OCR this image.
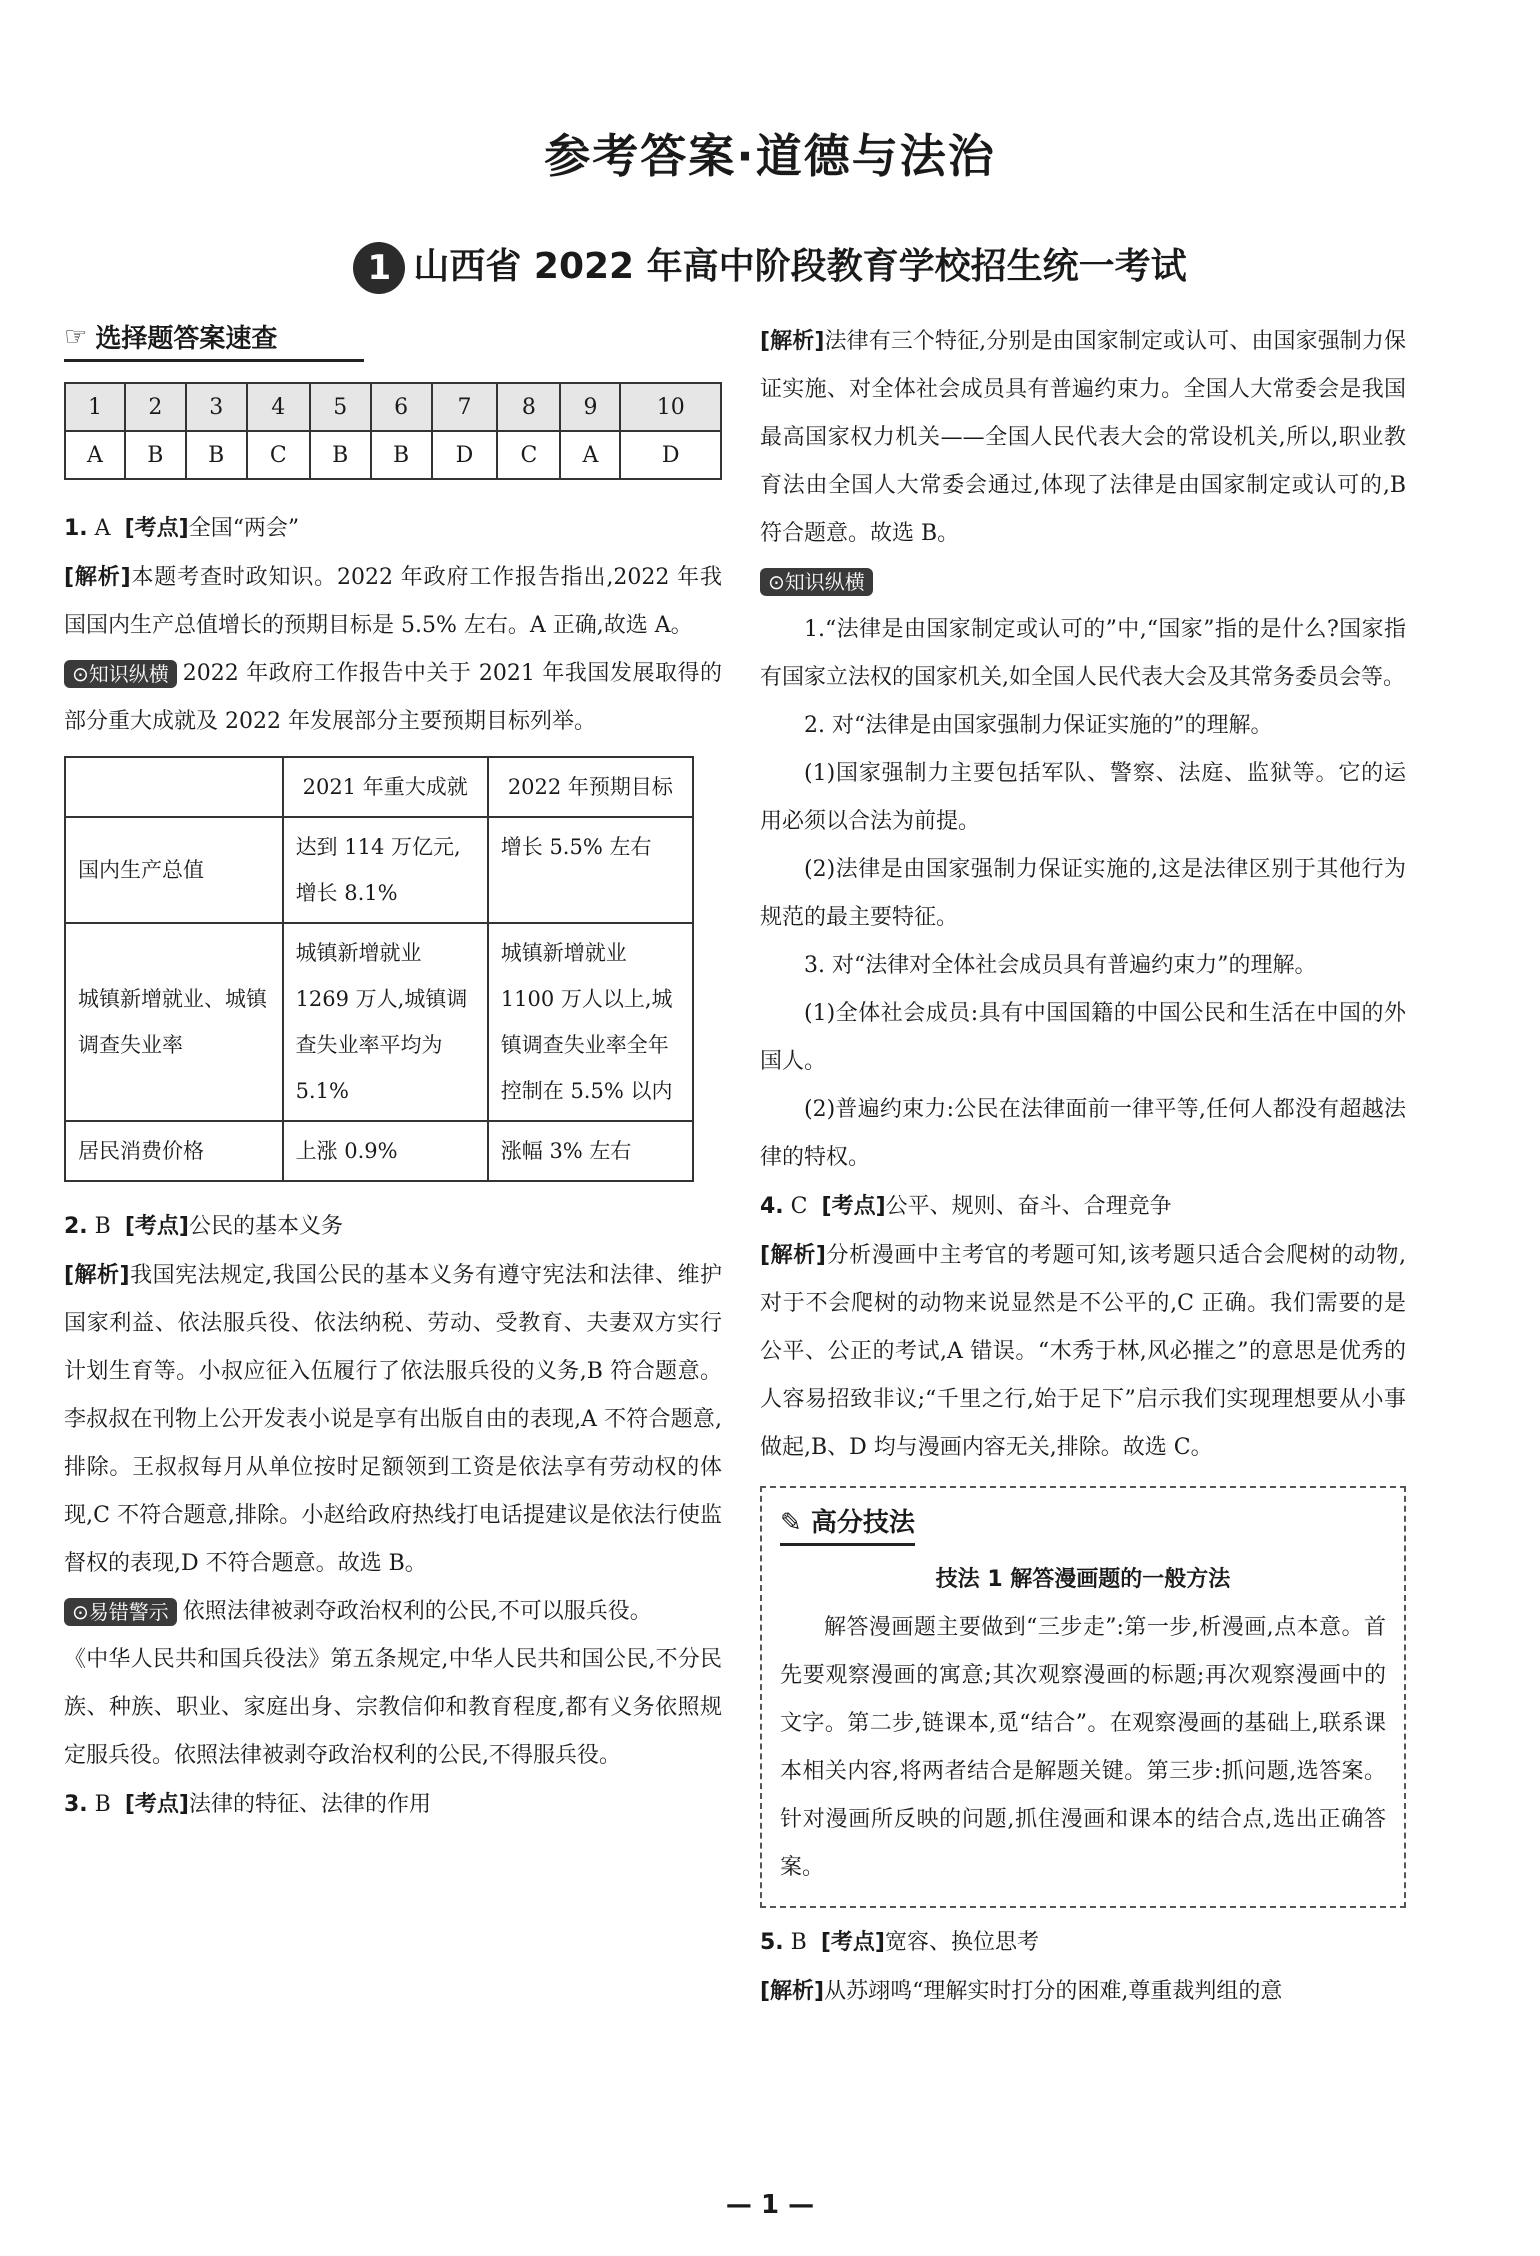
参考答案·道德与法治
1 山西省 2022 年高中阶段教育学校招生统一考试
☞ 选择题答案速查
1	2	3	4	5	6	7	8	9	10
A	B	B	C	B	B	D	C	A	D
1. A [考点]全国“两会”

[解析]本题考查时政知识。2022 年政府工作报告指出,2022 年我国国内生产总值增长的预期目标是 5.5% 左右。A 正确,故选 A。

⊙知识纵横 2022 年政府工作报告中关于 2021 年我国发展取得的部分重大成就及 2022 年发展部分主要预期目标列举。

	2021 年重大成就	2022 年预期目标
国内生产总值	达到 114 万亿元,增长 8.1%	增长 5.5% 左右
城镇新增就业、城镇调查失业率	城镇新增就业 1269 万人,城镇调查失业率平均为 5.1%	城镇新增就业 1100 万人以上,城镇调查失业率全年控制在 5.5% 以内
居民消费价格	上涨 0.9%	涨幅 3% 左右
2. B [考点]公民的基本义务

[解析]我国宪法规定,我国公民的基本义务有遵守宪法和法律、维护国家利益、依法服兵役、依法纳税、劳动、受教育、夫妻双方实行计划生育等。小叔应征入伍履行了依法服兵役的义务,B 符合题意。李叔叔在刊物上公开发表小说是享有出版自由的表现,A 不符合题意,排除。王叔叔每月从单位按时足额领到工资是依法享有劳动权的体现,C 不符合题意,排除。小赵给政府热线打电话提建议是依法行使监督权的表现,D 不符合题意。故选 B。

⊙易错警示 依照法律被剥夺政治权利的公民,不可以服兵役。

《中华人民共和国兵役法》第五条规定,中华人民共和国公民,不分民族、种族、职业、家庭出身、宗教信仰和教育程度,都有义务依照规定服兵役。依照法律被剥夺政治权利的公民,不得服兵役。

3. B [考点]法律的特征、法律的作用

[解析]法律有三个特征,分别是由国家制定或认可、由国家强制力保证实施、对全体社会成员具有普遍约束力。全国人大常委会是我国最高国家权力机关——全国人民代表大会的常设机关,所以,职业教育法由全国人大常委会通过,体现了法律是由国家制定或认可的,B 符合题意。故选 B。

⊙知识纵横

1.“法律是由国家制定或认可的”中,“国家”指的是什么?国家指有国家立法权的国家机关,如全国人民代表大会及其常务委员会等。

2. 对“法律是由国家强制力保证实施的”的理解。

(1)国家强制力主要包括军队、警察、法庭、监狱等。它的运用必须以合法为前提。

(2)法律是由国家强制力保证实施的,这是法律区别于其他行为规范的最主要特征。

3. 对“法律对全体社会成员具有普遍约束力”的理解。

(1)全体社会成员:具有中国国籍的中国公民和生活在中国的外国人。

(2)普遍约束力:公民在法律面前一律平等,任何人都没有超越法律的特权。

4. C [考点]公平、规则、奋斗、合理竞争

[解析]分析漫画中主考官的考题可知,该考题只适合会爬树的动物,对于不会爬树的动物来说显然是不公平的,C 正确。我们需要的是公平、公正的考试,A 错误。“木秀于林,风必摧之”的意思是优秀的人容易招致非议;“千里之行,始于足下”启示我们实现理想要从小事做起,B、D 均与漫画内容无关,排除。故选 C。

✎ 高分技法
技法 1 解答漫画题的一般方法

解答漫画题主要做到“三步走”:第一步,析漫画,点本意。首先要观察漫画的寓意;其次观察漫画的标题;再次观察漫画中的文字。第二步,链课本,觅“结合”。在观察漫画的基础上,联系课本相关内容,将两者结合是解题关键。第三步:抓问题,选答案。针对漫画所反映的问题,抓住漫画和课本的结合点,选出正确答案。

5. B [考点]宽容、换位思考

[解析]从苏翊鸣“理解实时打分的困难,尊重裁判组的意

— 1 —
